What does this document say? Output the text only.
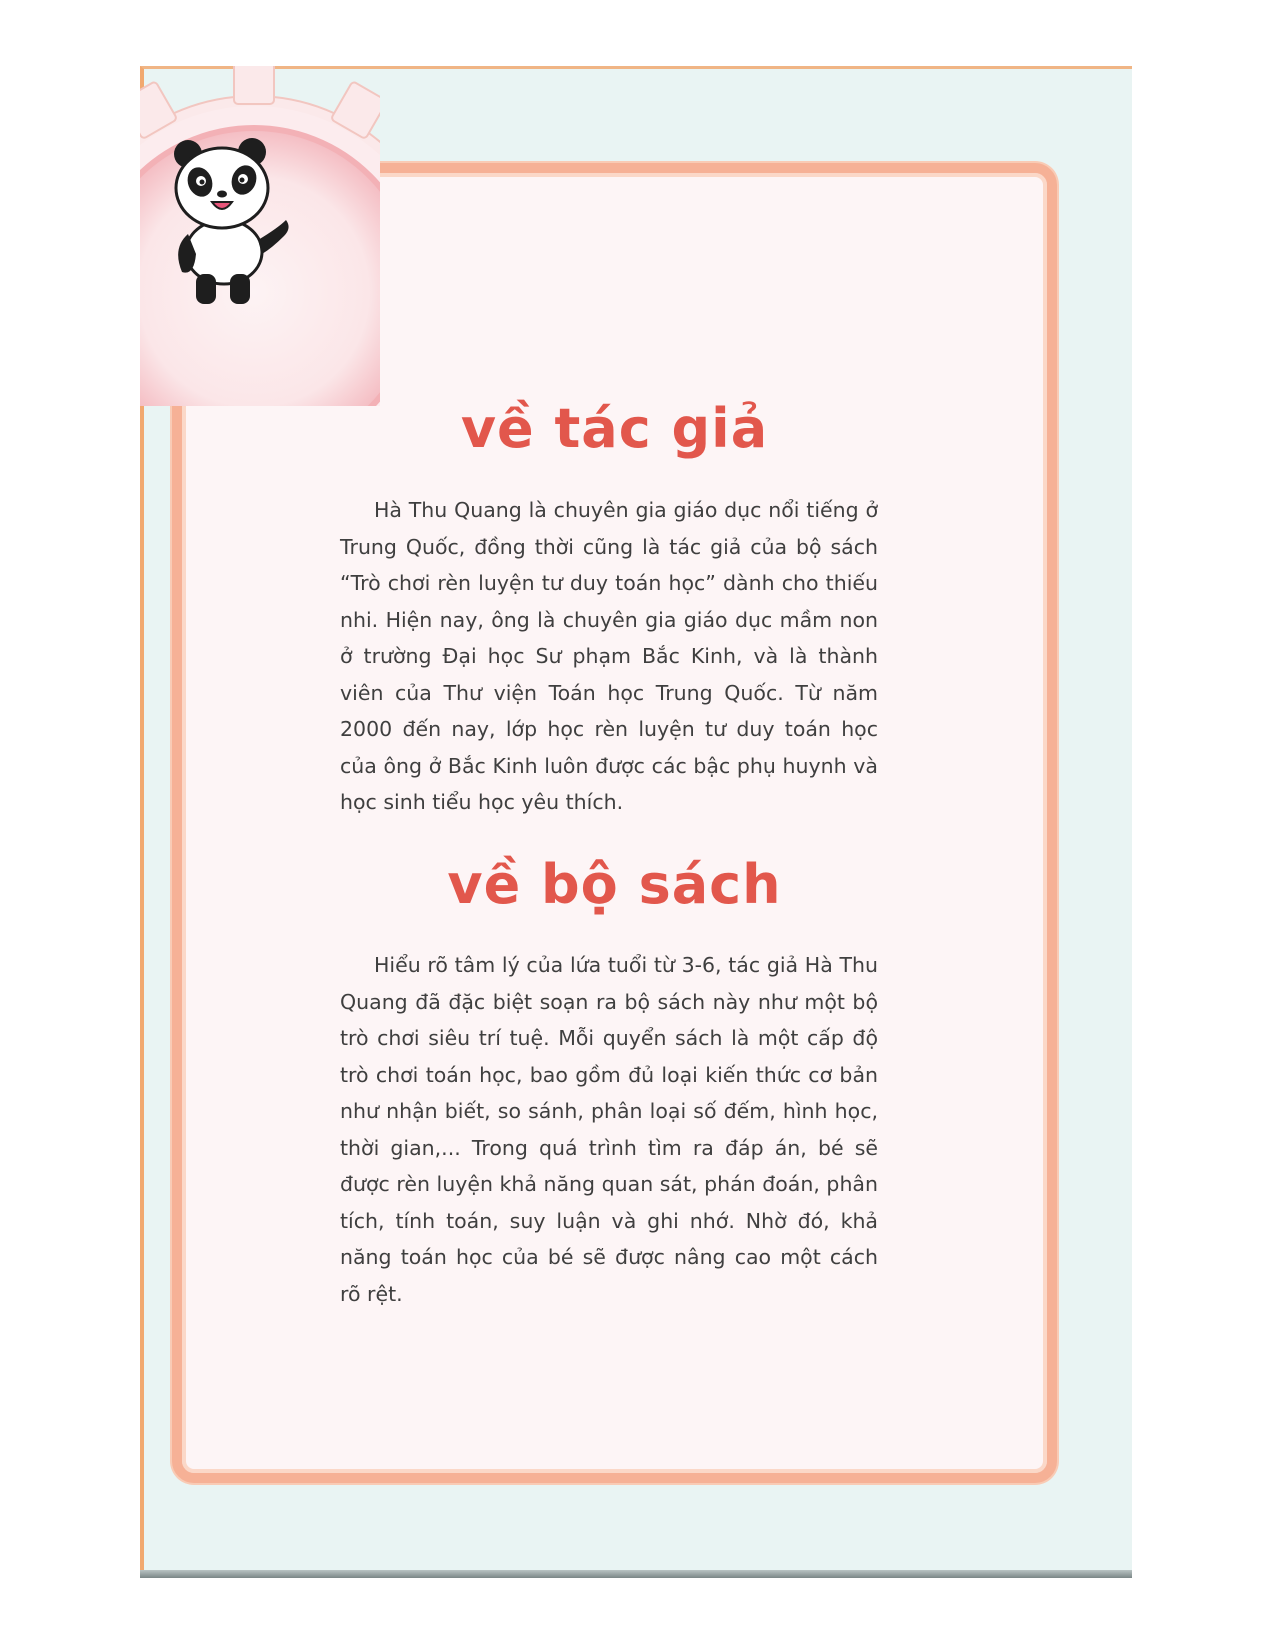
về tác giả

Hà Thu Quang là chuyên gia giáo dục nổi tiếng ở Trung Quốc, đồng thời cũng là tác giả của bộ sách “Trò chơi rèn luyện tư duy toán học” dành cho thiếu nhi. Hiện nay, ông là chuyên gia giáo dục mầm non ở trường Đại học Sư phạm Bắc Kinh, và là thành viên của Thư viện Toán học Trung Quốc. Từ năm 2000 đến nay, lớp học rèn luyện tư duy toán học của ông ở Bắc Kinh luôn được các bậc phụ huynh và học sinh tiểu học yêu thích.

về bộ sách

Hiểu rõ tâm lý của lứa tuổi từ 3-6, tác giả Hà Thu Quang đã đặc biệt soạn ra bộ sách này như một bộ trò chơi siêu trí tuệ. Mỗi quyển sách là một cấp độ trò chơi toán học, bao gồm đủ loại kiến thức cơ bản như nhận biết, so sánh, phân loại số đếm, hình học, thời gian,... Trong quá trình tìm ra đáp án, bé sẽ được rèn luyện khả năng quan sát, phán đoán, phân tích, tính toán, suy luận và ghi nhớ. Nhờ đó, khả năng toán học của bé sẽ được nâng cao một cách rõ rệt.
